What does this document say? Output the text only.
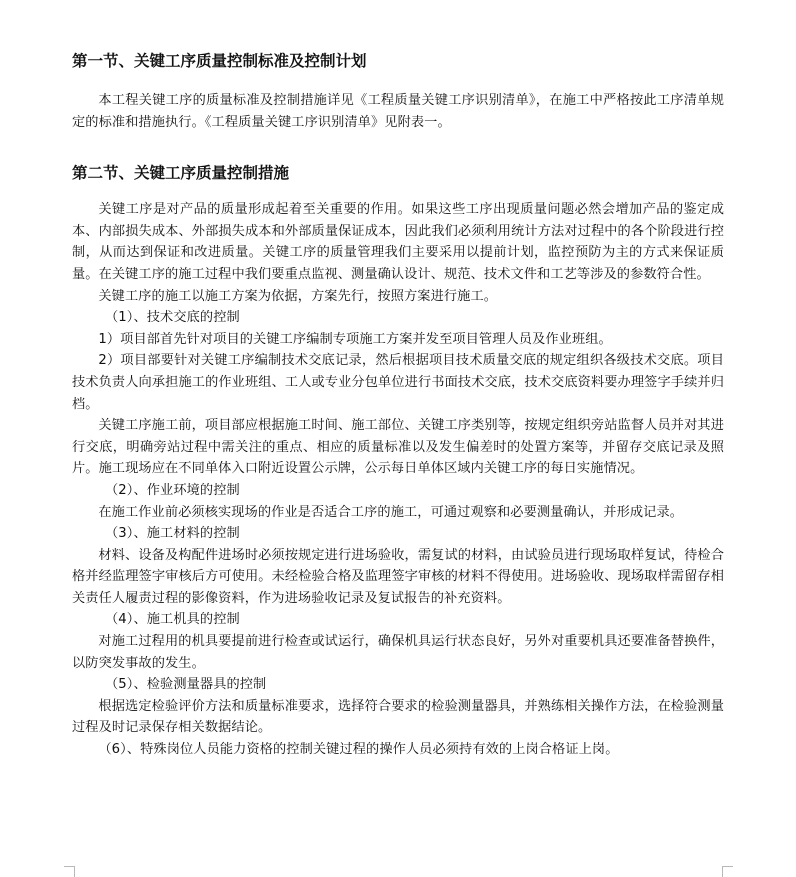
第一节、关键工序质量控制标准及控制计划

本工程关键工序的质量标准及控制措施详见《工程质量关键工序识别清单》，在施工中严格按此工序清单规定的标准和措施执行。《工程质量关键工序识别清单》见附表一。

第二节、关键工序质量控制措施

关键工序是对产品的质量形成起着至关重要的作用。如果这些工序出现质量问题必然会增加产品的鉴定成本、内部损失成本、外部损失成本和外部质量保证成本，因此我们必须利用统计方法对过程中的各个阶段进行控制，从而达到保证和改进质量。关键工序的质量管理我们主要采用以提前计划，监控预防为主的方式来保证质量。在关键工序的施工过程中我们要重点监视、测量确认设计、规范、技术文件和工艺等涉及的参数符合性。

关键工序的施工以施工方案为依据，方案先行，按照方案进行施工。

（1）、技术交底的控制

1）项目部首先针对项目的关键工序编制专项施工方案并发至项目管理人员及作业班组。

2）项目部要针对关键工序编制技术交底记录，然后根据项目技术质量交底的规定组织各级技术交底。项目技术负责人向承担施工的作业班组、工人或专业分包单位进行书面技术交底，技术交底资料要办理签字手续并归档。

关键工序施工前，项目部应根据施工时间、施工部位、关键工序类别等，按规定组织旁站监督人员并对其进行交底，明确旁站过程中需关注的重点、相应的质量标准以及发生偏差时的处置方案等，并留存交底记录及照片。施工现场应在不同单体入口附近设置公示牌，公示每日单体区域内关键工序的每日实施情况。

（2）、作业环境的控制

在施工作业前必须核实现场的作业是否适合工序的施工，可通过观察和必要测量确认，并形成记录。

（3）、施工材料的控制

材料、设备及构配件进场时必须按规定进行进场验收，需复试的材料，由试验员进行现场取样复试，待检合格并经监理签字审核后方可使用。未经检验合格及监理签字审核的材料不得使用。进场验收、现场取样需留存相关责任人履责过程的影像资料，作为进场验收记录及复试报告的补充资料。

（4）、施工机具的控制

对施工过程用的机具要提前进行检查或试运行，确保机具运行状态良好，另外对重要机具还要准备替换件，以防突发事故的发生。

（5）、检验测量器具的控制

根据选定检验评价方法和质量标准要求，选择符合要求的检验测量器具，并熟练相关操作方法，在检验测量过程及时记录保存相关数据结论。

（6）、特殊岗位人员能力资格的控制关键过程的操作人员必须持有效的上岗合格证上岗。
